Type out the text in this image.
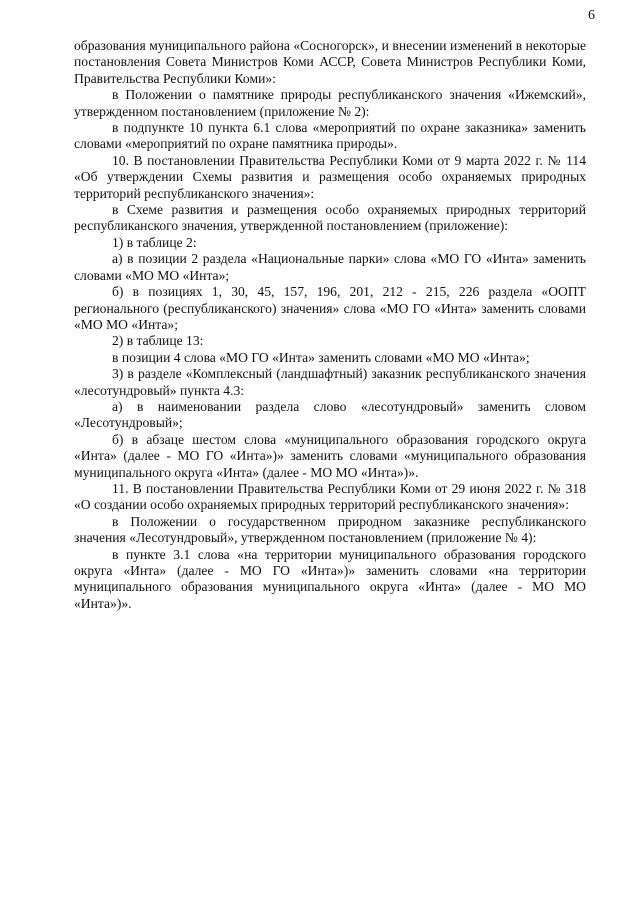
6

образования муниципального района «Сосногорск», и внесении изменений в некоторые постановления Совета Министров Коми АССР, Совета Министров Республики Коми, Правительства Республики Коми»:

в Положении о памятнике природы республиканского значения «Ижемский», утвержденном постановлением (приложение № 2):

в подпункте 10 пункта 6.1 слова «мероприятий по охране заказника» заменить словами «мероприятий по охране памятника природы».

10. В постановлении Правительства Республики Коми от 9 марта 2022 г. № 114 «Об утверждении Схемы развития и размещения особо охраняемых природных территорий республиканского значения»:

в Схеме развития и размещения особо охраняемых природных территорий республиканского значения, утвержденной постановлением (приложение):

1) в таблице 2:

а) в позиции 2 раздела «Национальные парки» слова «МО ГО «Инта» заменить словами «МО МО «Инта»;

б) в позициях 1, 30, 45, 157, 196, 201, 212 - 215, 226 раздела «ООПТ регионального (республиканского) значения» слова «МО ГО «Инта» заменить словами «МО МО «Инта»;

2) в таблице 13:

в позиции 4 слова «МО ГО «Инта» заменить словами «МО МО «Инта»;

3) в разделе «Комплексный (ландшафтный) заказник республиканского значения «лесотундровый» пункта 4.3:

а) в наименовании раздела слово «лесотундровый» заменить словом «Лесотундровый»;

б) в абзаце шестом слова «муниципального образования городского округа «Инта» (далее - МО ГО «Инта»)» заменить словами «муниципального образования муниципального округа «Инта» (далее - МО МО «Инта»)».

11. В постановлении Правительства Республики Коми от 29 июня 2022 г. № 318 «О создании особо охраняемых природных территорий республиканского значения»:

в Положении о государственном природном заказнике республиканского значения «Лесотундровый», утвержденном постановлением (приложение № 4):

в пункте 3.1 слова «на территории муниципального образования городского округа «Инта» (далее - МО ГО «Инта»)» заменить словами «на территории муниципального образования муниципального округа «Инта» (далее - МО МО «Инта»)».
